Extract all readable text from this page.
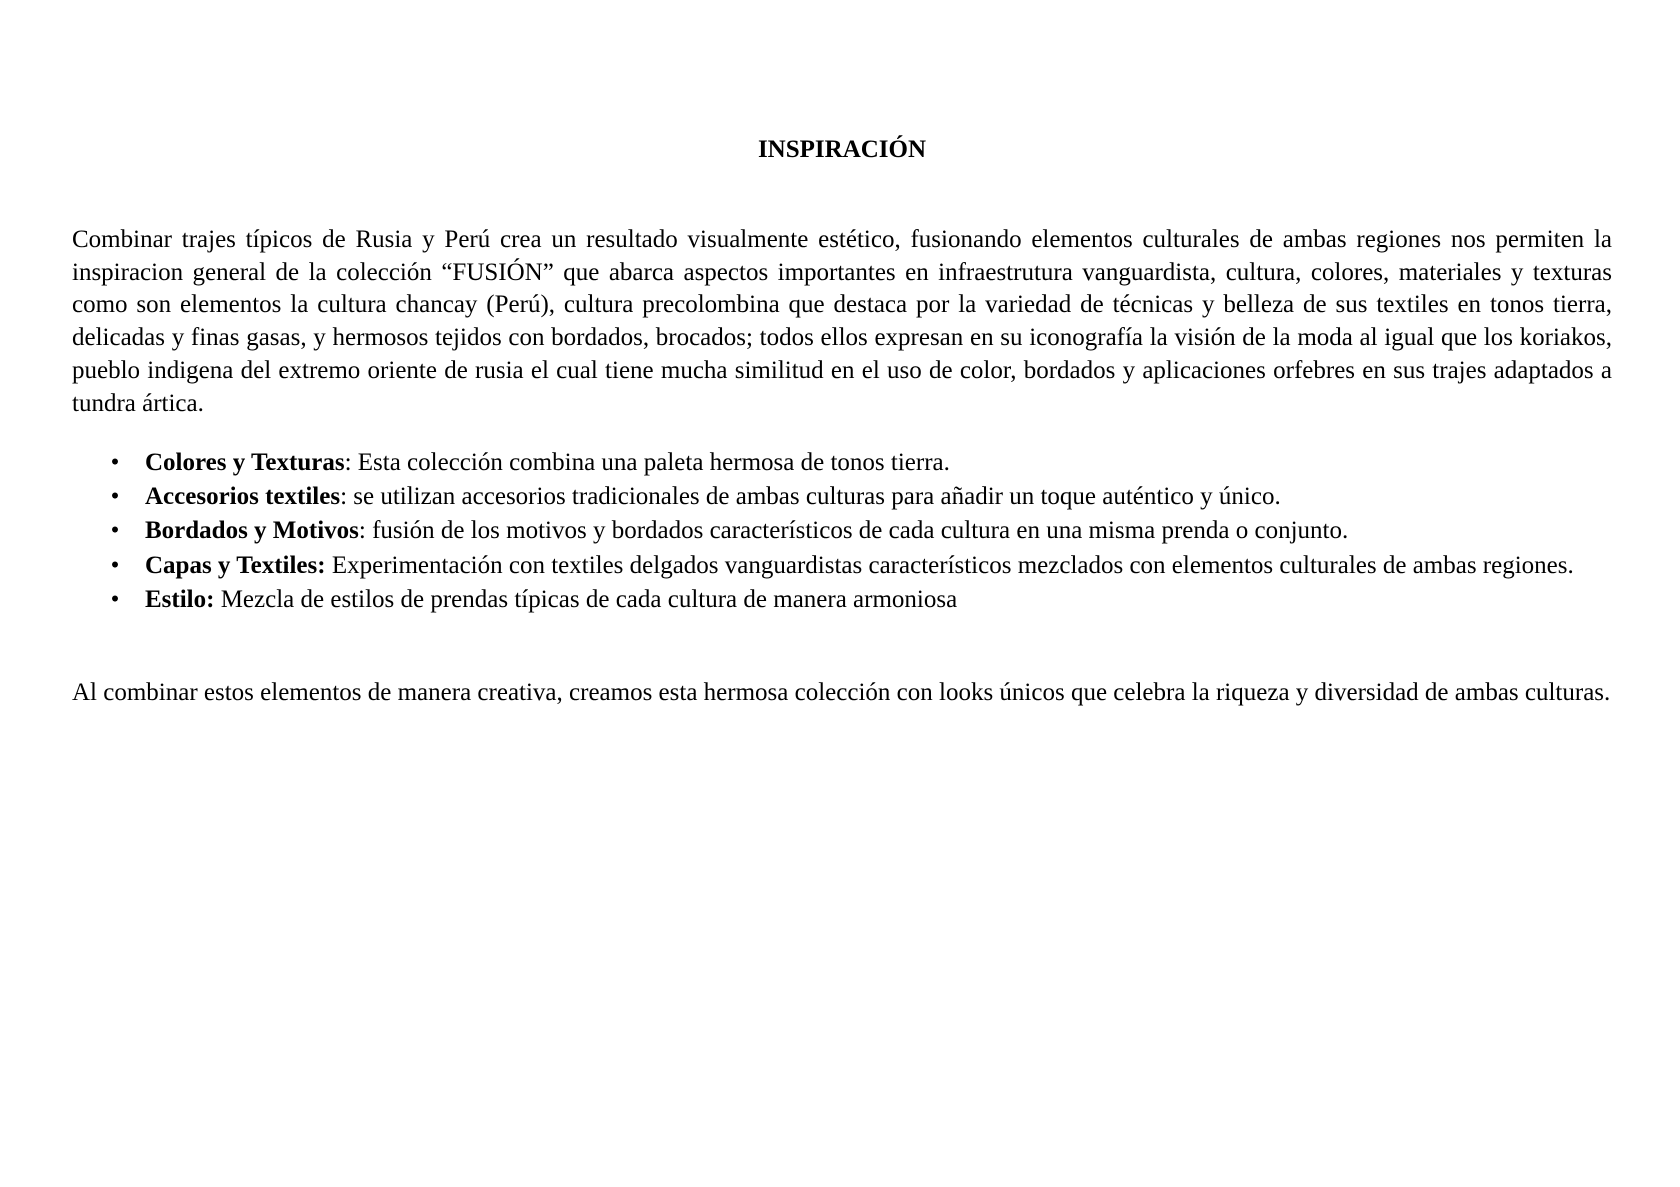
INSPIRACIÓN

Combinar trajes típicos de Rusia y Perú crea un resultado visualmente estético, fusionando elementos culturales de ambas regiones nos permiten la inspiracion general de la colección “FUSIÓN” que abarca aspectos importantes en infraestrutura vanguardista, cultura, colores, materiales y texturas como son elementos la cultura chancay (Perú), cultura precolombina que destaca por la variedad de técnicas y belleza de sus textiles en tonos tierra, delicadas y finas gasas, y hermosos tejidos con bordados, brocados; todos ellos expresan en su iconografía la visión de la moda al igual que los koriakos, pueblo indigena del extremo oriente de rusia el cual tiene mucha similitud en el uso de color, bordados y aplicaciones orfebres en sus trajes adaptados a tundra ártica.

• Colores y Texturas: Esta colección combina una paleta hermosa de tonos tierra.
• Accesorios textiles: se utilizan accesorios tradicionales de ambas culturas para añadir un toque auténtico y único.
• Bordados y Motivos: fusión de los motivos y bordados característicos de cada cultura en una misma prenda o conjunto.
• Capas y Textiles: Experimentación con textiles delgados vanguardistas característicos mezclados con elementos culturales de ambas regiones.
• Estilo: Mezcla de estilos de prendas típicas de cada cultura de manera armoniosa

Al combinar estos elementos de manera creativa, creamos esta hermosa colección con looks únicos que celebra la riqueza y diversidad de ambas culturas.
